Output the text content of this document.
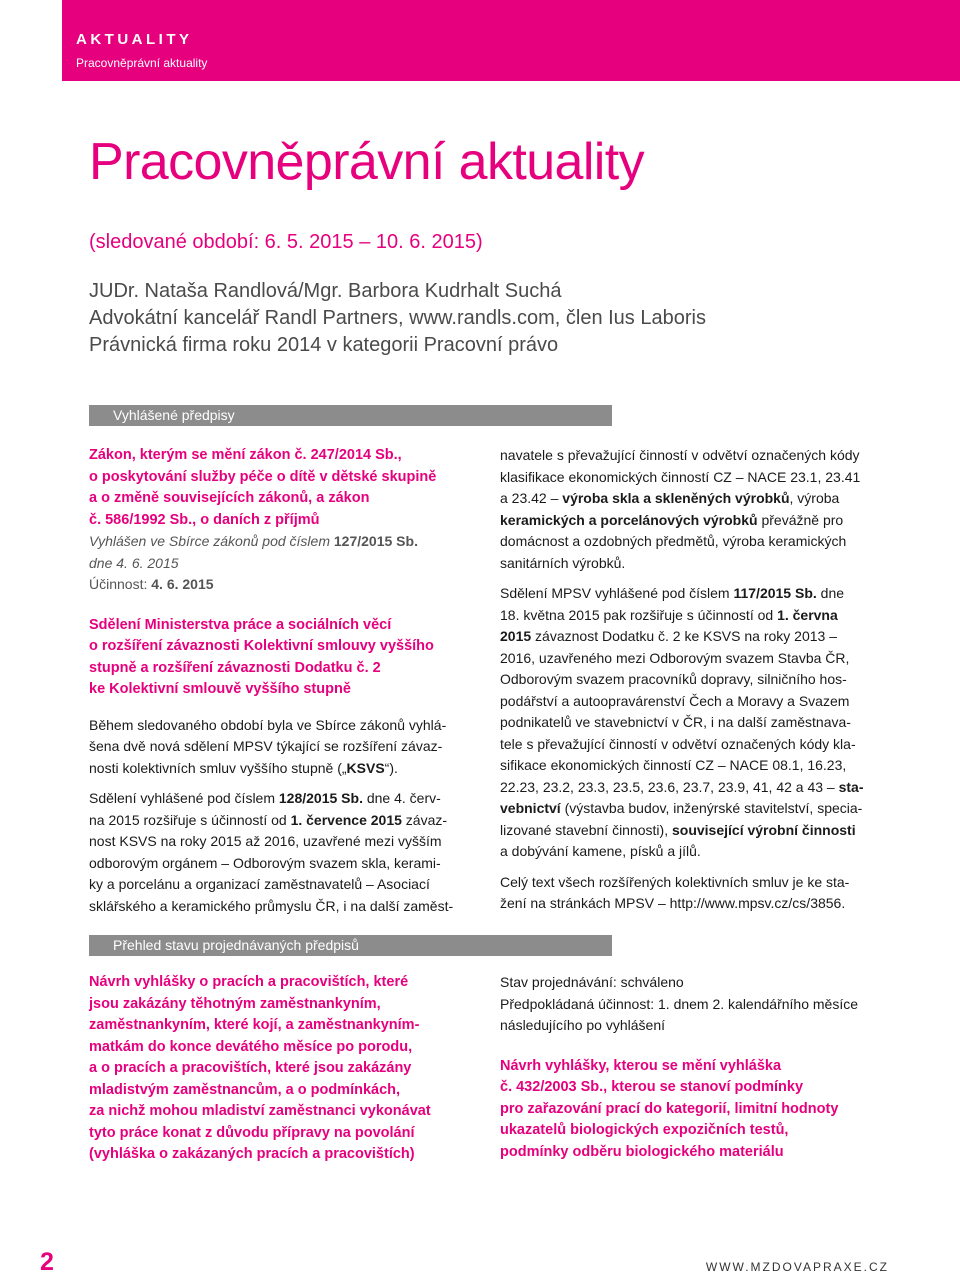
AKTUALITY
Pracovněprávní aktuality
Pracovněprávní aktuality
(sledované období: 6. 5. 2015 – 10. 6. 2015)
JUDr. Nataša Randlová/Mgr. Barbora Kudrhalt Suchá
Advokátní kancelář Randl Partners, www.randls.com, člen Ius Laboris
Právnická firma roku 2014 v kategorii Pracovní právo
Vyhlášené předpisy
Zákon, kterým se mění zákon č. 247/2014 Sb.,
o poskytování služby péče o dítě v dětské skupině
a o změně souvisejících zákonů, a zákon
č. 586/1992 Sb., o daních z příjmů
Vyhlášen ve Sbírce zákonů pod číslem 127/2015 Sb.
dne 4. 6. 2015
Účinnost: 4. 6. 2015
Sdělení Ministerstva práce a sociálních věcí
o rozšíření závaznosti Kolektivní smlouvy vyššího
stupně a rozšíření závaznosti Dodatku č. 2
ke Kolektivní smlouvě vyššího stupně
Během sledovaného období byla ve Sbírce zákonů vyhlá-
šena dvě nová sdělení MPSV týkající se rozšíření závaz-
nosti kolektivních smluv vyššího stupně („KSVS“).
Sdělení vyhlášené pod číslem 128/2015 Sb. dne 4. červ-
na 2015 rozšiřuje s účinností od 1. července 2015 závaz-
nost KSVS na roky 2015 až 2016, uzavřené mezi vyšším
odborovým orgánem – Odborovým svazem skla, kerami-
ky a porcelánu a organizací zaměstnavatelů – Asociací
sklářského a keramického průmyslu ČR, i na další zaměst-
navatele s převažující činností v odvětví označených kódy
klasifikace ekonomických činností CZ – NACE 23.1, 23.41
a 23.42 – výroba skla a skleněných výrobků, výroba
keramických a porcelánových výrobků převážně pro
domácnost a ozdobných předmětů, výroba keramických
sanitárních výrobků.
Sdělení MPSV vyhlášené pod číslem 117/2015 Sb. dne
18. května 2015 pak rozšiřuje s účinností od 1. června
2015 závaznost Dodatku č. 2 ke KSVS na roky 2013 –
2016, uzavřeného mezi Odborovým svazem Stavba ČR,
Odborovým svazem pracovníků dopravy, silničního hos-
podářství a autoopravárenství Čech a Moravy a Svazem
podnikatelů ve stavebnictví v ČR, i na další zaměstnava-
tele s převažující činností v odvětví označených kódy kla-
sifikace ekonomických činností CZ – NACE 08.1, 16.23,
22.23, 23.2, 23.3, 23.5, 23.6, 23.7, 23.9, 41, 42 a 43 – sta-
vebnictví (výstavba budov, inženýrské stavitelství, specia-
lizované stavební činnosti), související výrobní činnosti
a dobývání kamene, písků a jílů.
Celý text všech rozšířených kolektivních smluv je ke sta-
žení na stránkách MPSV – http://www.mpsv.cz/cs/3856.
Přehled stavu projednávaných předpisů
Návrh vyhlášky o pracích a pracovištích, které
jsou zakázány těhotným zaměstnankyním,
zaměstnankyním, které kojí, a zaměstnankyním-
matkám do konce devátého měsíce po porodu,
a o pracích a pracovištích, které jsou zakázány
mladistvým zaměstnancům, a o podmínkách,
za nichž mohou mladiství zaměstnanci vykonávat
tyto práce konat z důvodu přípravy na povolání
(vyhláška o zakázaných pracích a pracovištích)
Stav projednávání: schváleno
Předpokládaná účinnost: 1. dnem 2. kalendářního měsíce
následujícího po vyhlášení
Návrh vyhlášky, kterou se mění vyhláška
č. 432/2003 Sb., kterou se stanoví podmínky
pro zařazování prací do kategorií, limitní hodnoty
ukazatelů biologických expozičních testů,
podmínky odběru biologického materiálu
2	WWW.MZDOVAPRAXE.CZ
